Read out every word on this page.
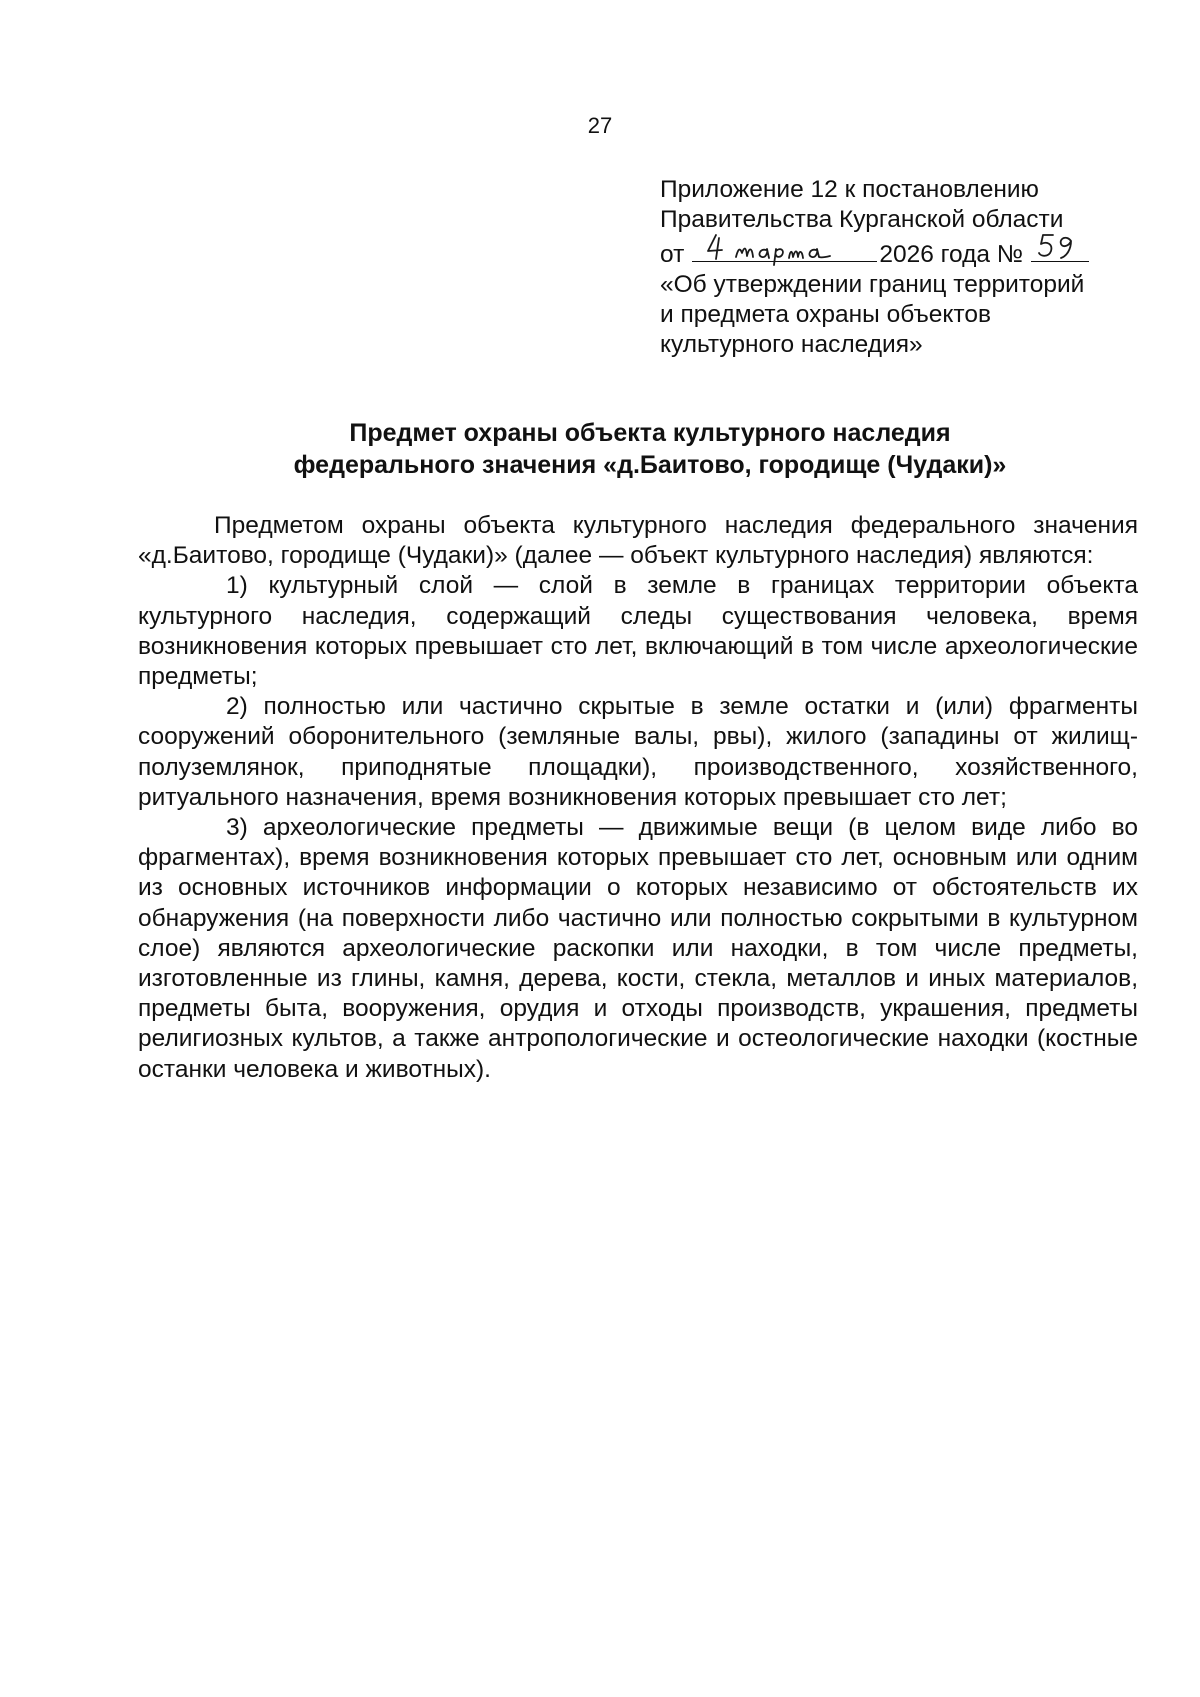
27
Приложение 12 к постановлению
Правительства Курганской области
от	2026 года №
«Об утверждении границ территорий
и предмета охраны объектов
культурного наследия»
Предмет охраны объекта культурного наследия
федерального значения «д.Баитово, городище (Чудаки)»

Предметом охраны объекта культурного наследия федерального значения «д.Баитово, городище (Чудаки)» (далее — объект культурного наследия) являются:

1) культурный слой — слой в земле в границах территории объекта культурного наследия, содержащий следы существования человека, время возникновения которых превышает сто лет, включающий в том числе археологические предметы;

2) полностью или частично скрытые в земле остатки и (или) фрагменты сооружений оборонительного (земляные валы, рвы), жилого (западины от жилищ-полуземлянок, приподнятые площадки), производственного, хозяйственного, ритуального назначения, время возникновения которых превышает сто лет;

3) археологические предметы — движимые вещи (в целом виде либо во фрагментах), время возникновения которых превышает сто лет, основным или одним из основных источников информации о которых независимо от обстоятельств их обнаружения (на поверхности либо частично или полностью сокрытыми в культурном слое) являются археологические раскопки или находки, в том числе предметы, изготовленные из глины, камня, дерева, кости, стекла, металлов и иных материалов, предметы быта, вооружения, орудия и отходы производств, украшения, предметы религиозных культов, а также антропологические и остеологические находки (костные останки человека и животных).
